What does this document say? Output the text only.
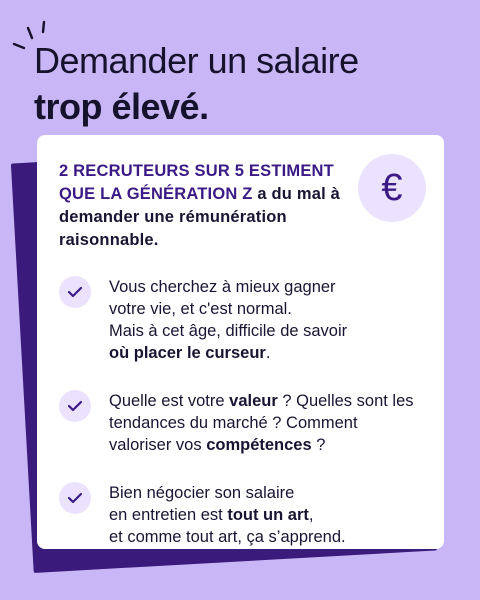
Demander un salaire
trop élevé.

2 RECRUTEURS SUR 5 ESTIMENT QUE LA GÉNÉRATION Z a du mal à demander une rémunération raisonnable.

€

Vous cherchez à mieux gagner
votre vie, et c'est normal.
Mais à cet âge, difficile de savoir
où placer le curseur.

Quelle est votre valeur ? Quelles sont les tendances du marché ? Comment valoriser vos compétences ?

Bien négocier son salaire
en entretien est tout un art,
et comme tout art, ça s’apprend.
